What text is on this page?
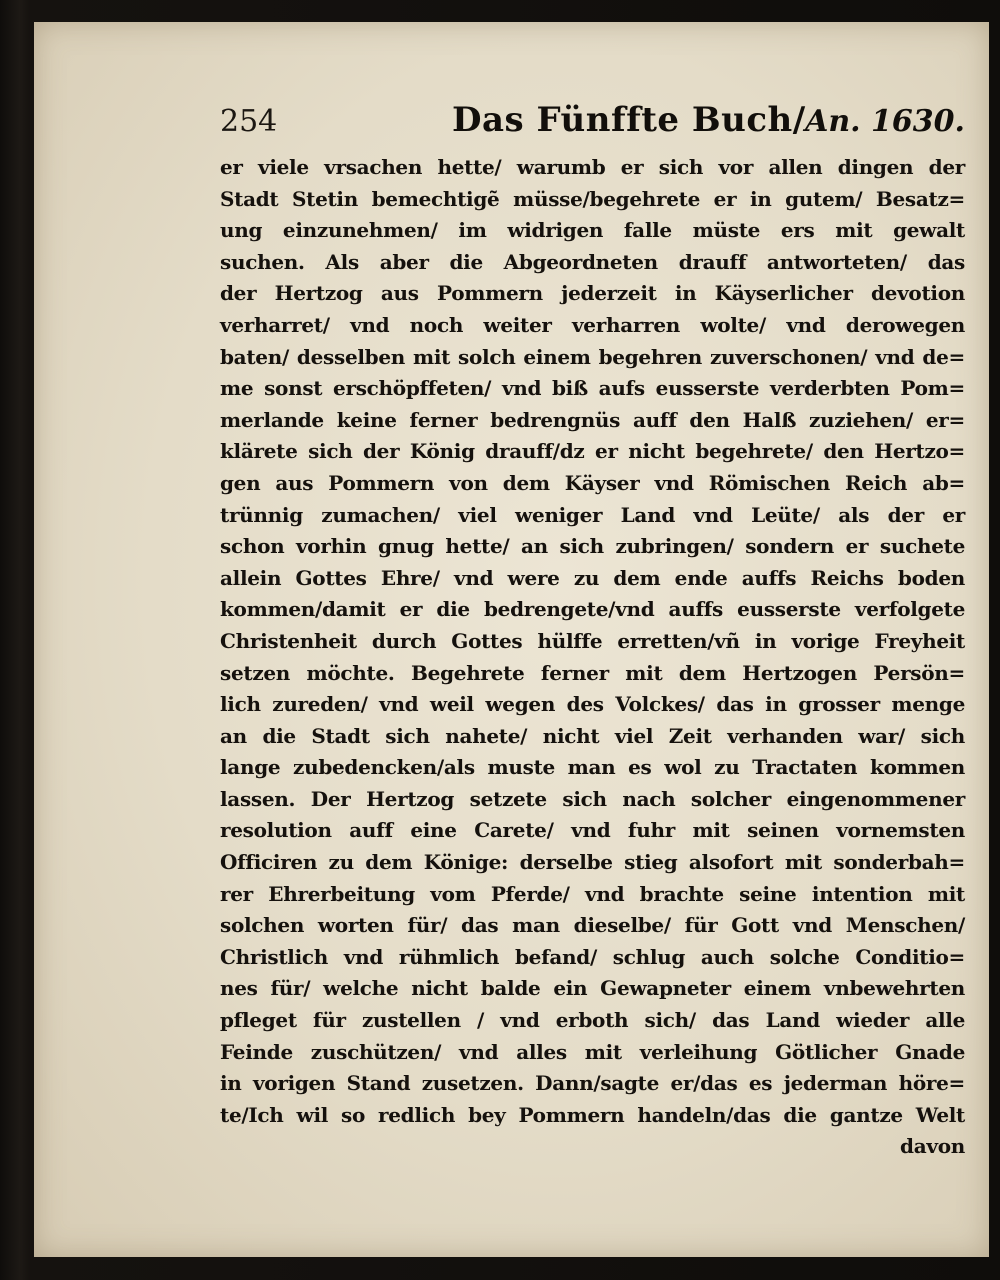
254	Das Fünffte Buch/ An. 1630.
er viele vrsachen hette/ warumb er sich vor allen dingen der
Stadt Stetin bemechtigẽ müsse/begehrete er in gutem/ Besatz=
ung einzunehmen/ im widrigen falle müste ers mit gewalt
suchen. Als aber die Abgeordneten drauff antworteten/ das
der Hertzog aus Pommern jederzeit in Käyserlicher devotion
verharret/ vnd noch weiter verharren wolte/ vnd derowegen
baten/ desselben mit solch einem begehren zuverschonen/ vnd de=
me sonst erschöpffeten/ vnd biß aufs eusserste verderbten Pom=
merlande keine ferner bedrengnüs auff den Halß zuziehen/ er=
klärete sich der König drauff/dz er nicht begehrete/ den Hertzo=
gen aus Pommern von dem Käyser vnd Römischen Reich ab=
trünnig zumachen/ viel weniger Land vnd Leüte/ als der er
schon vorhin gnug hette/ an sich zubringen/ sondern er suchete
allein Gottes Ehre/ vnd were zu dem ende auffs Reichs boden
kommen/damit er die bedrengete/vnd auffs eusserste verfolgete
Christenheit durch Gottes hülffe erretten/vñ in vorige Freyheit
setzen möchte. Begehrete ferner mit dem Hertzogen Persön=
lich zureden/ vnd weil wegen des Volckes/ das in grosser menge
an die Stadt sich nahete/ nicht viel Zeit verhanden war/ sich
lange zubedencken/als muste man es wol zu Tractaten kommen
lassen. Der Hertzog setzete sich nach solcher eingenommener
resolution auff eine Carete/ vnd fuhr mit seinen vornemsten
Officiren zu dem Könige: derselbe stieg alsofort mit sonderbah=
rer Ehrerbeitung vom Pferde/ vnd brachte seine intention mit
solchen worten für/ das man dieselbe/ für Gott vnd Menschen/
Christlich vnd rühmlich befand/ schlug auch solche Conditio=
nes für/ welche nicht balde ein Gewapneter einem vnbewehrten
pfleget für zustellen / vnd erboth sich/ das Land wieder alle
Feinde zuschützen/ vnd alles mit verleihung Götlicher Gnade
in vorigen Stand zusetzen. Dann/sagte er/das es jederman höre=
te/Ich wil so redlich bey Pommern handeln/das die gantze Welt
davon
